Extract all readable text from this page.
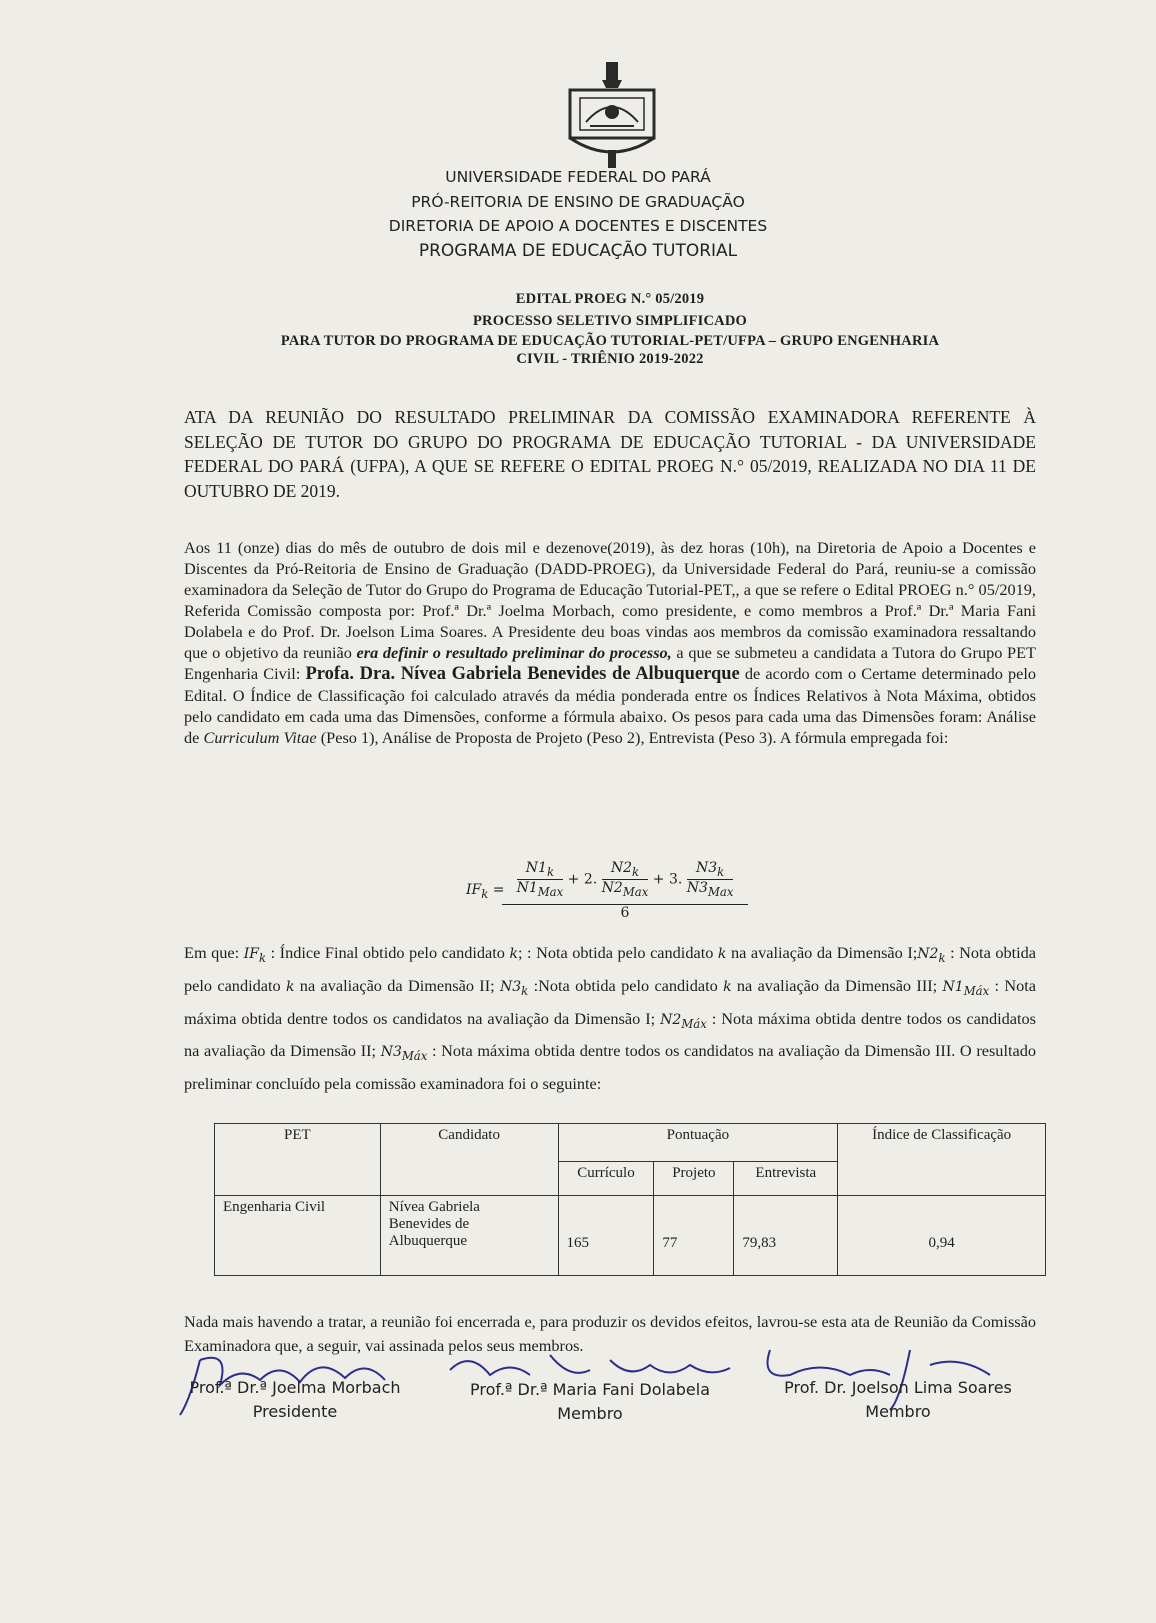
UNIVERSIDADE FEDERAL DO PARÁ
PRÓ-REITORIA DE ENSINO DE GRADUAÇÃO
DIRETORIA DE APOIO A DOCENTES E DISCENTES
PROGRAMA DE EDUCAÇÃO TUTORIAL
EDITAL PROEG N.° 05/2019
PROCESSO SELETIVO SIMPLIFICADO
PARA TUTOR DO PROGRAMA DE EDUCAÇÃO TUTORIAL-PET/UFPA – GRUPO ENGENHARIA
CIVIL - TRIÊNIO 2019-2022
ATA DA REUNIÃO DO RESULTADO PRELIMINAR DA COMISSÃO EXAMINADORA REFERENTE À SELEÇÃO DE TUTOR DO GRUPO DO PROGRAMA DE EDUCAÇÃO TUTORIAL - DA UNIVERSIDADE FEDERAL DO PARÁ (UFPA), A QUE SE REFERE O EDITAL PROEG N.° 05/2019, REALIZADA NO DIA 11 DE OUTUBRO DE 2019.
Aos 11 (onze) dias do mês de outubro de dois mil e dezenove(2019), às dez horas (10h), na Diretoria de Apoio a Docentes e Discentes da Pró-Reitoria de Ensino de Graduação (DADD-PROEG), da Universidade Federal do Pará, reuniu-se a comissão examinadora da Seleção de Tutor do Grupo do Programa de Educação Tutorial-PET,, a que se refere o Edital PROEG n.° 05/2019, Referida Comissão composta por: Prof.ª Dr.ª Joelma Morbach, como presidente, e como membros a Prof.ª Dr.ª Maria Fani Dolabela e do Prof. Dr. Joelson Lima Soares. A Presidente deu boas vindas aos membros da comissão examinadora ressaltando que o objetivo da reunião era definir o resultado preliminar do processo, a que se submeteu a candidata a Tutora do Grupo PET Engenharia Civil: Profa. Dra. Nívea Gabriela Benevides de Albuquerque de acordo com o Certame determinado pelo Edital. O Índice de Classificação foi calculado através da média ponderada entre os Índices Relativos à Nota Máxima, obtidos pelo candidato em cada uma das Dimensões, conforme a fórmula abaixo. Os pesos para cada uma das Dimensões foram: Análise de Curriculum Vitae (Peso 1), Análise de Proposta de Projeto (Peso 2), Entrevista (Peso 3). A fórmula empregada foi:
$IF_k = \frac{N1_k}{N1_{Max}} + 2$. $\frac{N2_k}{N2_{Max}} + 3$. $\frac{N3_k}{N3_{Max}}$
6
Em que: $IF_k$ : Índice Final obtido pelo candidato k; : Nota obtida pelo candidato k na avaliação da Dimensão $I;N2_k$ : Nota obtida pelo candidato k na avaliação da Dimensão II; $N3_k$ :Nota obtida pelo candidato k na avaliação da Dimensão III; $N1_{Máx}$ : Nota máxima obtida dentre todos os candidatos na avaliação da Dimensão I; $N2_{Máx}$ : Nota máxima obtida dentre todos os candidatos na avaliação da Dimensão II; $N3_{Máx}$ : Nota máxima obtida dentre todos os candidatos na avaliação da Dimensão III. O resultado preliminar concluído pela comissão examinadora foi o seguinte:
PET	Candidato	Pontuação			Índice de Classificação
		Currículo	Projeto	Entrevista	
Engenharia Civil	Nívea Gabriela
Benevides de
Albuquerque	165	77	79,83	0,94
Nada mais havendo a tratar, a reunião foi encerrada e, para produzir os devidos efeitos, lavrou-se esta ata de Reunião da Comissão Examinadora que, a seguir, vai assinada pelos seus membros.
Prof.ª Dr.ª Joelma Morbach
Presidente
Prof.ª Dr.ª Maria Fani Dolabela
Membro
Prof. Dr. Joelson Lima Soares
Membro
